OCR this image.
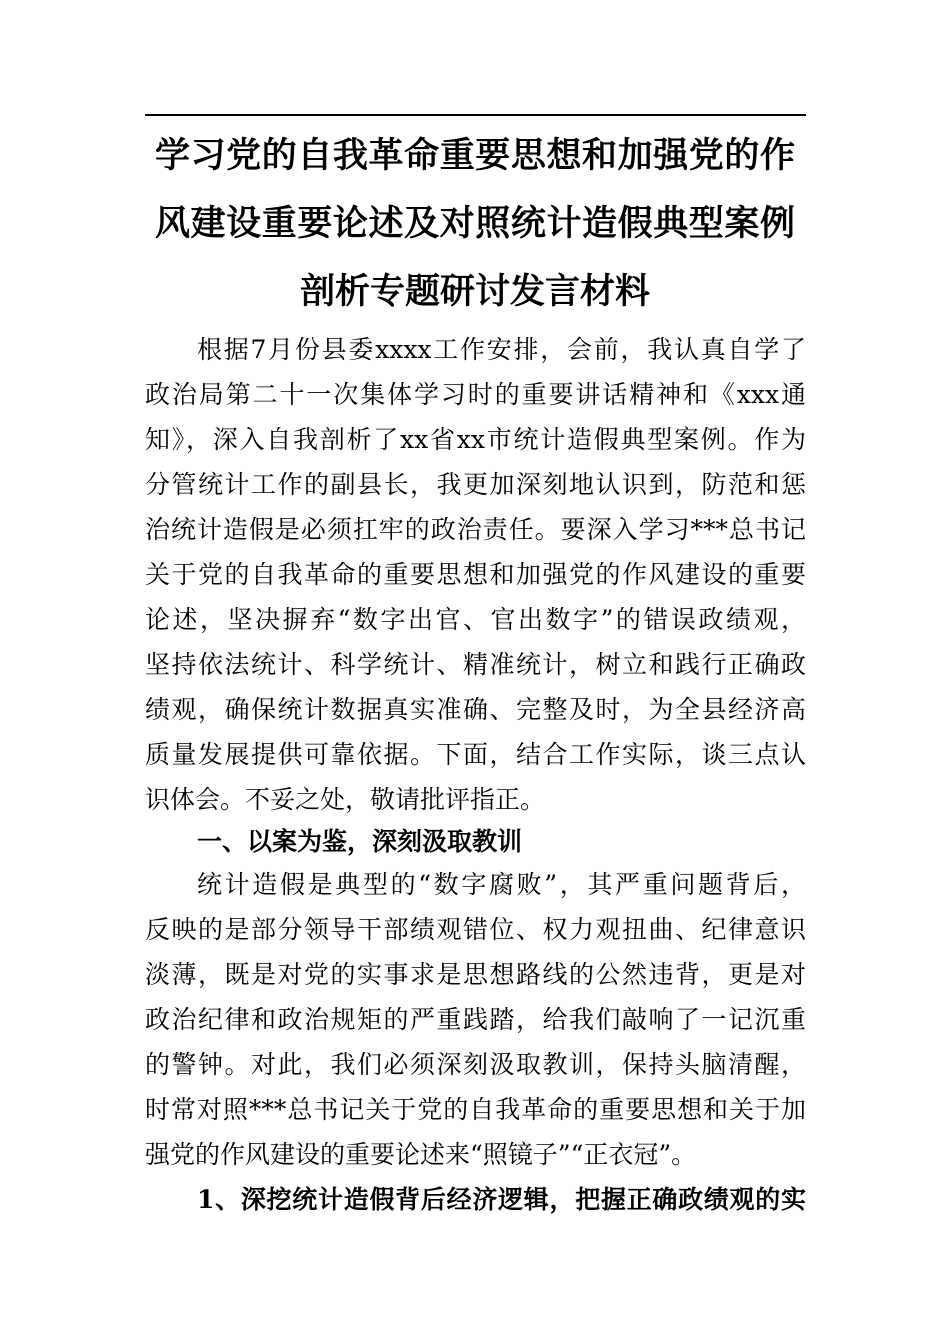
学习党的自我革命重要思想和加强党的作
风建设重要论述及对照统计造假典型案例
剖析专题研讨发言材料
根据7月份县委xxxx工作安排，会前，我认真自学了
政治局第二十一次集体学习时的重要讲话精神和《xxx通
知》，深入自我剖析了xx省xx市统计造假典型案例。作为
分管统计工作的副县长，我更加深刻地认识到，防范和惩
治统计造假是必须扛牢的政治责任。要深入学习***总书记
关于党的自我革命的重要思想和加强党的作风建设的重要
论述，坚决摒弃“数字出官、官出数字”的错误政绩观，
坚持依法统计、科学统计、精准统计，树立和践行正确政
绩观，确保统计数据真实准确、完整及时，为全县经济高
质量发展提供可靠依据。下面，结合工作实际，谈三点认
识体会。不妥之处，敬请批评指正。
一、以案为鉴，深刻汲取教训
统计造假是典型的“数字腐败”，其严重问题背后，
反映的是部分领导干部绩观错位、权力观扭曲、纪律意识
淡薄，既是对党的实事求是思想路线的公然违背，更是对
政治纪律和政治规矩的严重践踏，给我们敲响了一记沉重
的警钟。对此，我们必须深刻汲取教训，保持头脑清醒，
时常对照***总书记关于党的自我革命的重要思想和关于加
强党的作风建设的重要论述来“照镜子”“正衣冠”。
1、深挖统计造假背后经济逻辑，把握正确政绩观的实
